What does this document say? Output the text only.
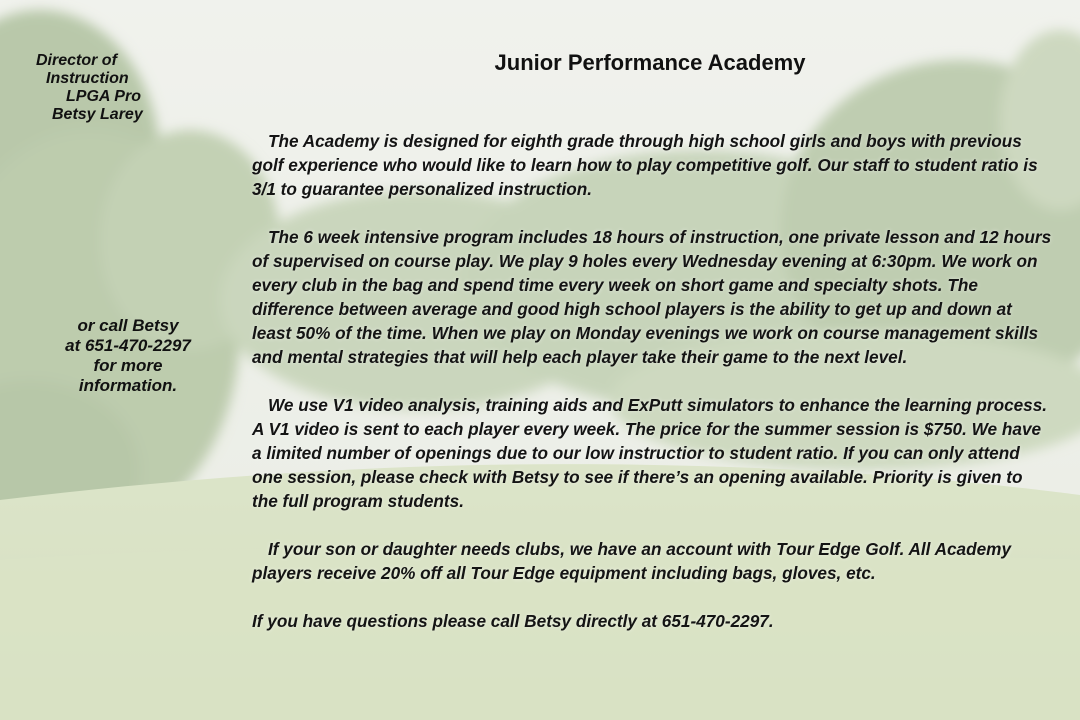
Director of
Instruction
LPGA Pro
Betsy Larey
or call Betsy
at 651-470-2297
for more
information.
Junior Performance Academy

The Academy is designed for eighth grade through high school girls and boys with previous golf experience who would like to learn how to play competitive golf. Our staff to student ratio is 3/1 to guarantee personalized instruction.

The 6 week intensive program includes 18 hours of instruction, one private lesson and 12 hours of supervised on course play. We play 9 holes every Wednesday evening at 6:30pm. We work on every club in the bag and spend time every week on short game and specialty shots. The difference between average and good high school players is the ability to get up and down at least 50% of the time. When we play on Monday evenings we work on course management skills and mental strategies that will help each player take their game to the next level.

We use V1 video analysis, training aids and ExPutt simulators to enhance the learning process. A V1 video is sent to each player every week. The price for the summer session is $750. We have a limited number of openings due to our low instructior to student ratio. If you can only attend one session, please check with Betsy to see if there’s an opening available. Priority is given to the full program students.

If your son or daughter needs clubs, we have an account with Tour Edge Golf. All Academy players receive 20% off all Tour Edge equipment including bags, gloves, etc.

If you have questions please call Betsy directly at 651-470-2297.
